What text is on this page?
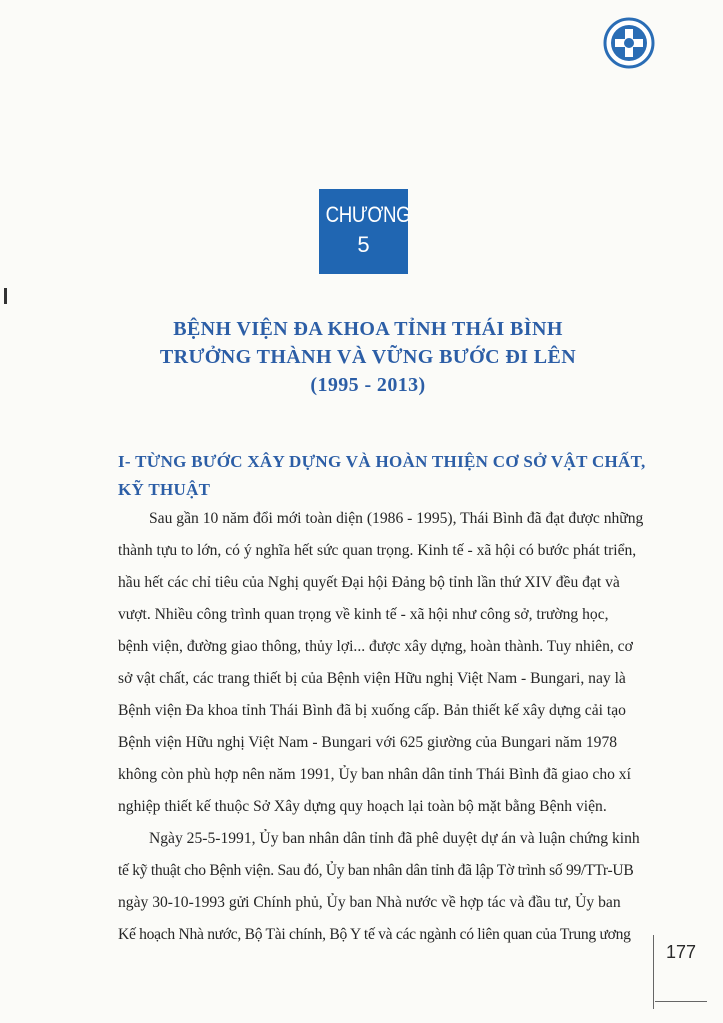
CHƯƠNG
5
BỆNH VIỆN ĐA KHOA TỈNH THÁI BÌNH
TRƯỞNG THÀNH VÀ VỮNG BƯỚC ĐI LÊN
(1995 - 2013)
I- TỪNG BƯỚC XÂY DỰNG VÀ HOÀN THIỆN CƠ SỞ VẬT CHẤT,
KỸ THUẬT
Sau gần 10 năm đổi mới toàn diện (1986 - 1995), Thái Bình đã đạt được những
thành tựu to lớn, có ý nghĩa hết sức quan trọng. Kinh tế - xã hội có bước phát triển,
hầu hết các chỉ tiêu của Nghị quyết Đại hội Đảng bộ tỉnh lần thứ XIV đều đạt và
vượt. Nhiều công trình quan trọng về kinh tế - xã hội như công sở, trường học,
bệnh viện, đường giao thông, thủy lợi... được xây dựng, hoàn thành. Tuy nhiên, cơ
sở vật chất, các trang thiết bị của Bệnh viện Hữu nghị Việt Nam - Bungari, nay là
Bệnh viện Đa khoa tỉnh Thái Bình đã bị xuống cấp. Bản thiết kế xây dựng cải tạo
Bệnh viện Hữu nghị Việt Nam - Bungari với 625 giường của Bungari năm 1978
không còn phù hợp nên năm 1991, Ủy ban nhân dân tỉnh Thái Bình đã giao cho xí
nghiệp thiết kế thuộc Sở Xây dựng quy hoạch lại toàn bộ mặt bằng Bệnh viện.
Ngày 25-5-1991, Ủy ban nhân dân tỉnh đã phê duyệt dự án và luận chứng kinh
tế kỹ thuật cho Bệnh viện. Sau đó, Ủy ban nhân dân tỉnh đã lập Tờ trình số 99/TTr-UB
ngày 30-10-1993 gửi Chính phủ, Ủy ban Nhà nước về hợp tác và đầu tư, Ủy ban
Kế hoạch Nhà nước, Bộ Tài chính, Bộ Y tế và các ngành có liên quan của Trung ương
177
